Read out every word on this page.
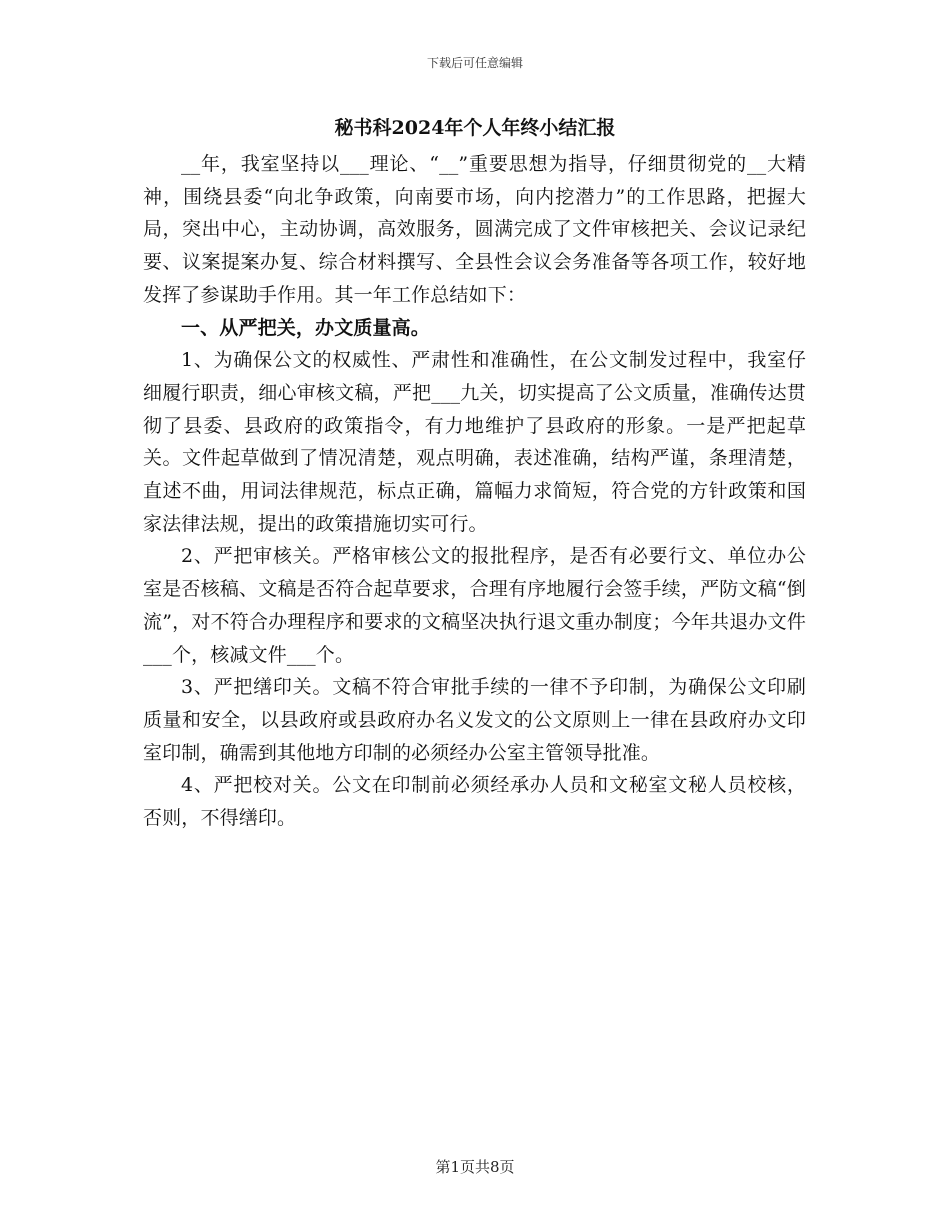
下载后可任意编辑
秘书科2024年个人年终小结汇报

__年，我室坚持以___理论、“__”重要思想为指导，仔细贯彻党的__大精神，围绕县委“向北争政策，向南要市场，向内挖潜力”的工作思路，把握大局，突出中心，主动协调，高效服务，圆满完成了文件审核把关、会议记录纪要、议案提案办复、综合材料撰写、全县性会议会务准备等各项工作，较好地发挥了参谋助手作用。其一年工作总结如下：

一、从严把关，办文质量高。

1、为确保公文的权威性、严肃性和准确性，在公文制发过程中，我室仔细履行职责，细心审核文稿，严把___九关，切实提高了公文质量，准确传达贯彻了县委、县政府的政策指令，有力地维护了县政府的形象。一是严把起草关。文件起草做到了情况清楚，观点明确，表述准确，结构严谨，条理清楚，直述不曲，用词法律规范，标点正确，篇幅力求简短，符合党的方针政策和国家法律法规，提出的政策措施切实可行。

2、严把审核关。严格审核公文的报批程序，是否有必要行文、单位办公室是否核稿、文稿是否符合起草要求，合理有序地履行会签手续，严防文稿“倒流”，对不符合办理程序和要求的文稿坚决执行退文重办制度；今年共退办文件___个，核减文件___个。

3、严把缮印关。文稿不符合审批手续的一律不予印制，为确保公文印刷质量和安全，以县政府或县政府办名义发文的公文原则上一律在县政府办文印室印制，确需到其他地方印制的必须经办公室主管领导批准。

4、严把校对关。公文在印制前必须经承办人员和文秘室文秘人员校核，否则，不得缮印。

第1页共8页
